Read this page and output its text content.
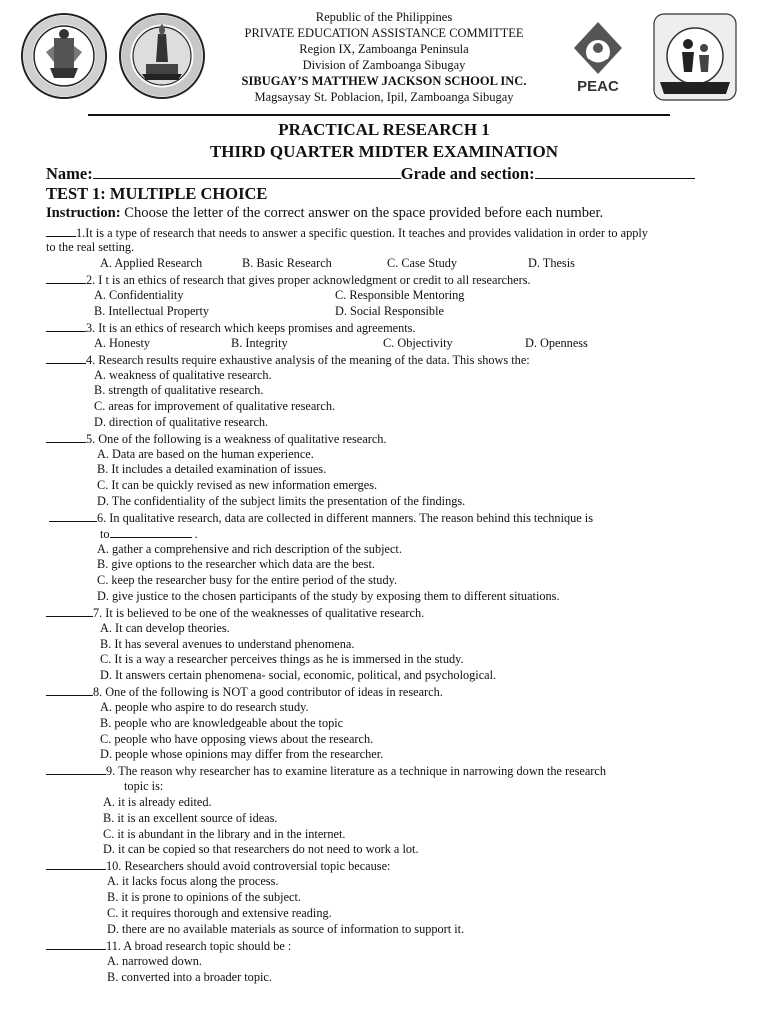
PEAC
Republic of the Philippines
PRIVATE EDUCATION ASSISTANCE COMMITTEE
Region IX, Zamboanga Peninsula
Division of Zamboanga Sibugay
SIBUGAY’S MATTHEW JACKSON SCHOOL INC.
Magsaysay St. Poblacion, Ipil, Zamboanga Sibugay
PRACTICAL RESEARCH 1
THIRD QUARTER MIDTER EXAMINATION
Name:	Grade and section:
TEST 1: MULTIPLE CHOICE
Instruction: Choose the letter of the correct answer on the space provided before each number.
1.It is a type of research that needs to answer a specific question. It teaches and provides validation in order to apply
to the real setting.
A. Applied Research	B. Basic Research	C. Case Study	D. Thesis
2. I t is an ethics of research that gives proper acknowledgment or credit to all researchers.
A. Confidentiality	C. Responsible Mentoring
B. Intellectual Property	D. Social Responsible
3. It is an ethics of research which keeps promises and agreements.
A. Honesty	B. Integrity	C. Objectivity	D. Openness
4. Research results require exhaustive analysis of the meaning of the data. This shows the:
A. weakness of qualitative research.
B. strength of qualitative research.
C. areas for improvement of qualitative research.
D. direction of qualitative research.
5. One of the following is a weakness of qualitative research.
A. Data are based on the human experience.
B. It includes a detailed examination of issues.
C. It can be quickly revised as new information emerges.
D. The confidentiality of the subject limits the presentation of the findings.
6. In qualitative research, data are collected in different manners. The reason behind this technique is
to	.
A. gather a comprehensive and rich description of the subject.
B. give options to the researcher which data are the best.
C. keep the researcher busy for the entire period of the study.
D. give justice to the chosen participants of the study by exposing them to different situations.
7. It is believed to be one of the weaknesses of qualitative research.
A. It can develop theories.
B. It has several avenues to understand phenomena.
C. It is a way a researcher perceives things as he is immersed in the study.
D. It answers certain phenomena- social, economic, political, and psychological.
8. One of the following is NOT a good contributor of ideas in research.
A. people who aspire to do research study.
B. people who are knowledgeable about the topic
C. people who have opposing views about the research.
D. people whose opinions may differ from the researcher.
9. The reason why researcher has to examine literature as a technique in narrowing down the research
topic is:
A. it is already edited.
B. it is an excellent source of ideas.
C. it is abundant in the library and in the internet.
D. it can be copied so that researchers do not need to work a lot.
10. Researchers should avoid controversial topic because:
A. it lacks focus along the process.
B. it is prone to opinions of the subject.
C. it requires thorough and extensive reading.
D. there are no available materials as source of information to support it.
11. A broad research topic should be :
A. narrowed down.
B. converted into a broader topic.
